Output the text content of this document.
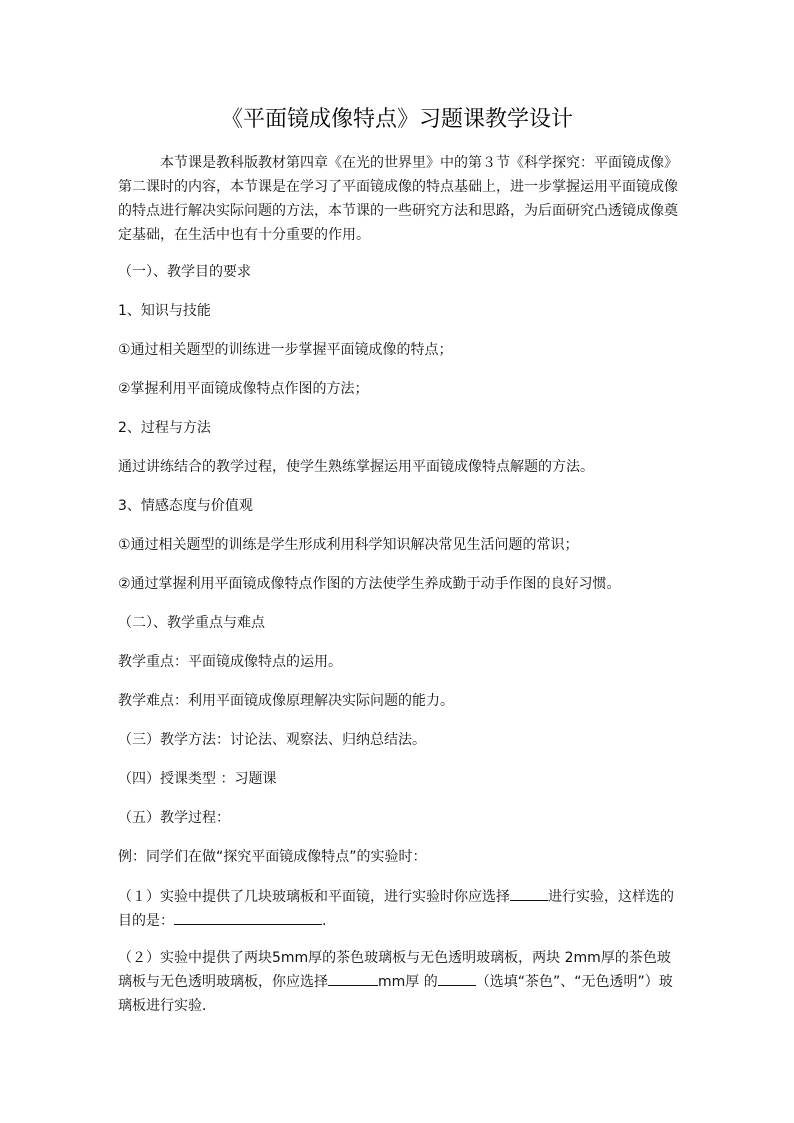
《平面镜成像特点》习题课教学设计

本节课是教科版教材第四章《在光的世界里》中的第３节《科学探究：平面镜成像》第二课时的内容，本节课是在学习了平面镜成像的特点基础上，进一步掌握运用平面镜成像的特点进行解决实际问题的方法，本节课的一些研究方法和思路，为后面研究凸透镜成像奠定基础，在生活中也有十分重要的作用。

（一）、教学目的要求

1、知识与技能

①通过相关题型的训练进一步掌握平面镜成像的特点；

②掌握利用平面镜成像特点作图的方法；

2、过程与方法

通过讲练结合的教学过程，使学生熟练掌握运用平面镜成像特点解题的方法。

3、情感态度与价值观

①通过相关题型的训练是学生形成利用科学知识解决常见生活问题的常识；

②通过掌握利用平面镜成像特点作图的方法使学生养成勤于动手作图的良好习惯。

（二）、教学重点与难点

教学重点：平面镜成像特点的运用。

教学难点：利用平面镜成像原理解决实际问题的能力。

（三）教学方法：讨论法、观察法、归纳总结法。

（四）授课类型 ：习题课

（五）教学过程：

例：同学们在做“探究平面镜成像特点”的实验时：

（１）实验中提供了几块玻璃板和平面镜，进行实验时你应选择	进行实验，这样选的目的是：	.

（２）实验中提供了两块5mm厚的茶色玻璃板与无色透明玻璃板，两块 2mm厚的茶色玻璃板与无色透明玻璃板，你应选择	mm厚 的	（选填“茶色”、“无色透明”）玻璃板进行实验．
